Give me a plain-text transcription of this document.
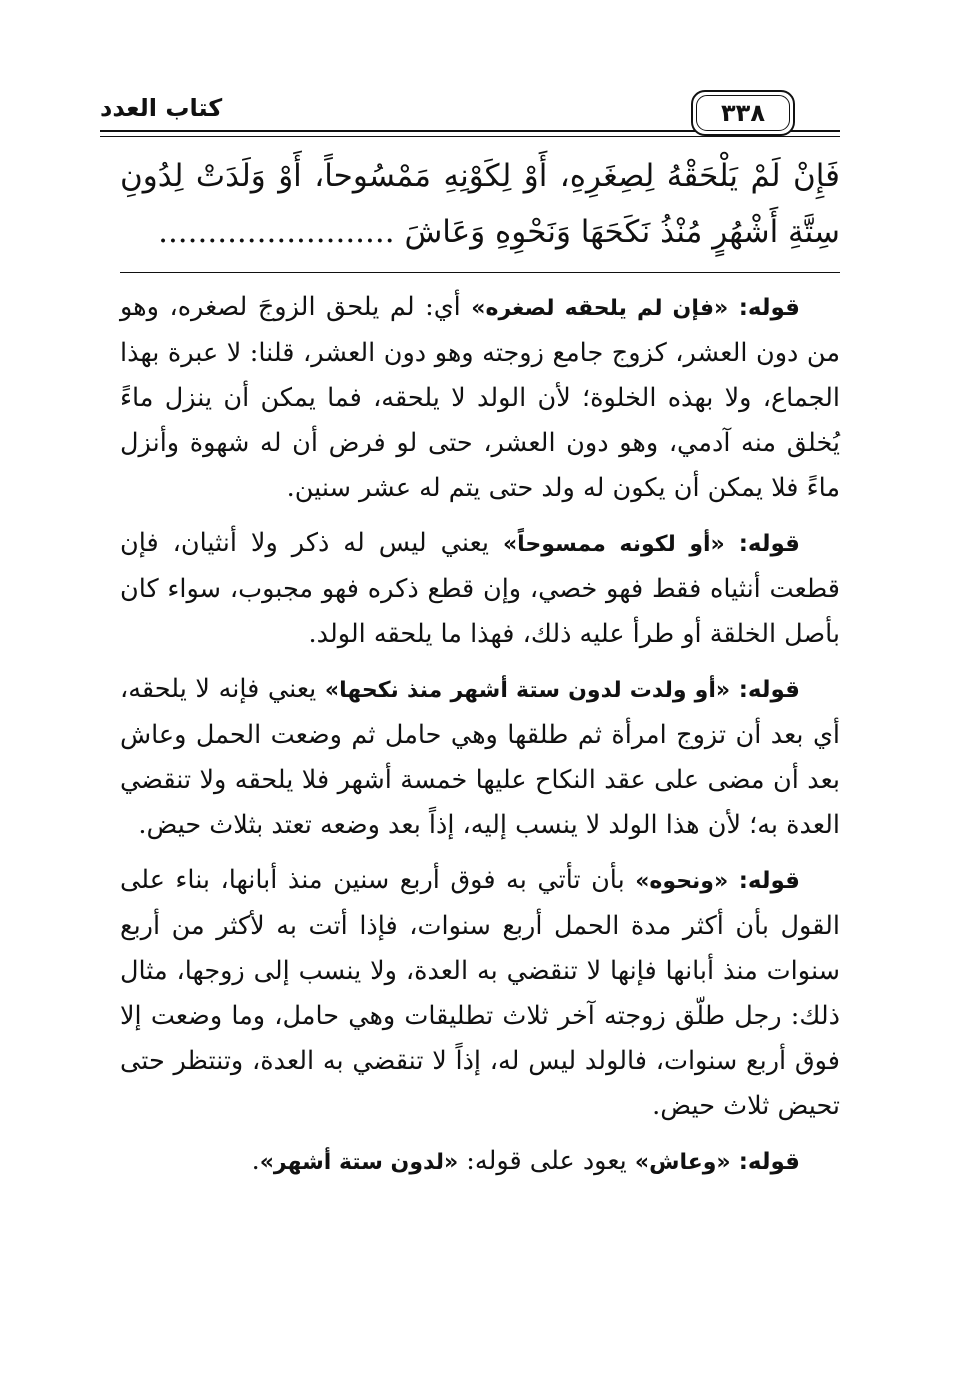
كتاب العدد	٣٣٨
فَإِنْ لَمْ يَلْحَقْهُ لِصِغَرِهِ، أَوْ لِكَوْنِهِ مَمْسُوحاً، أَوْ وَلَدَتْ لِدُونِ
سِتَّةِ أَشْهُرٍ مُنْذُ نَكَحَهَا وَنَحْوِهِ وَعَاشَ ........................

قوله: «فإن لم يلحقه لصغره» أي: لم يلحق الزوجَ لصغره، وهو من دون العشر، كزوج جامع زوجته وهو دون العشر، قلنا: لا عبرة بهذا الجماع، ولا بهذه الخلوة؛ لأن الولد لا يلحقه، فما يمكن أن ينزل ماءً يُخلق منه آدمي، وهو دون العشر، حتى لو فرض أن له شهوة وأنزل ماءً فلا يمكن أن يكون له ولد حتى يتم له عشر سنين.

قوله: «أو لكونه ممسوحاً» يعني ليس له ذكر ولا أنثيان، فإن قطعت أنثياه فقط فهو خصي، وإن قطع ذكره فهو مجبوب، سواء كان بأصل الخلقة أو طرأ عليه ذلك، فهذا ما يلحقه الولد.

قوله: «أو ولدت لدون ستة أشهر منذ نكحها» يعني فإنه لا يلحقه، أي بعد أن تزوج امرأة ثم طلقها وهي حامل ثم وضعت الحمل وعاش بعد أن مضى على عقد النكاح عليها خمسة أشهر فلا يلحقه ولا تنقضي العدة به؛ لأن هذا الولد لا ينسب إليه، إذاً بعد وضعه تعتد بثلاث حيض.

قوله: «ونحوه» بأن تأتي به فوق أربع سنين منذ أبانها، بناء على القول بأن أكثر مدة الحمل أربع سنوات، فإذا أتت به لأكثر من أربع سنوات منذ أبانها فإنها لا تنقضي به العدة، ولا ينسب إلى زوجها، مثال ذلك: رجل طلّق زوجته آخر ثلاث تطليقات وهي حامل، وما وضعت إلا فوق أربع سنوات، فالولد ليس له، إذاً لا تنقضي به العدة، وتنتظر حتى تحيض ثلاث حيض.

قوله: «وعاش» يعود على قوله: «لدون ستة أشهر».
